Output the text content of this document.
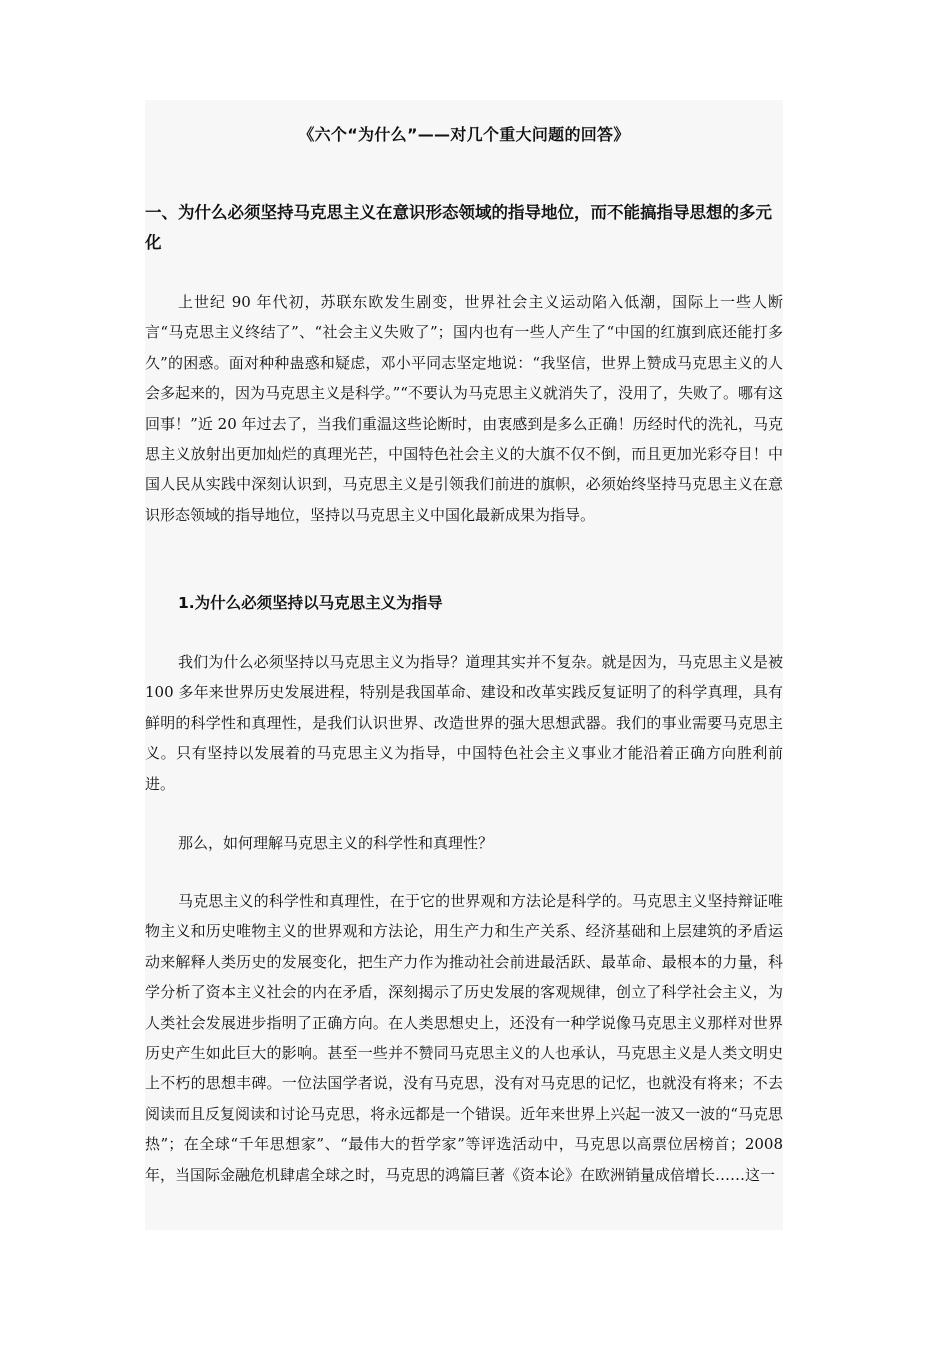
《六个“为什么”——对几个重大问题的回答》
一、为什么必须坚持马克思主义在意识形态领域的指导地位，而不能搞指导思想的多元化

上世纪 90 年代初，苏联东欧发生剧变，世界社会主义运动陷入低潮，国际上一些人断言“马克思主义终结了”、“社会主义失败了”；国内也有一些人产生了“中国的红旗到底还能打多久”的困惑。面对种种蛊惑和疑虑，邓小平同志坚定地说：“我坚信，世界上赞成马克思主义的人会多起来的，因为马克思主义是科学。”“不要认为马克思主义就消失了，没用了，失败了。哪有这回事！”近 20 年过去了，当我们重温这些论断时，由衷感到是多么正确！历经时代的洗礼，马克思主义放射出更加灿烂的真理光芒，中国特色社会主义的大旗不仅不倒，而且更加光彩夺目！中国人民从实践中深刻认识到，马克思主义是引领我们前进的旗帜，必须始终坚持马克思主义在意识形态领域的指导地位，坚持以马克思主义中国化最新成果为指导。

1.为什么必须坚持以马克思主义为指导

我们为什么必须坚持以马克思主义为指导？道理其实并不复杂。就是因为，马克思主义是被 100 多年来世界历史发展进程，特别是我国革命、建设和改革实践反复证明了的科学真理，具有鲜明的科学性和真理性，是我们认识世界、改造世界的强大思想武器。我们的事业需要马克思主义。只有坚持以发展着的马克思主义为指导，中国特色社会主义事业才能沿着正确方向胜利前进。

那么，如何理解马克思主义的科学性和真理性？

马克思主义的科学性和真理性，在于它的世界观和方法论是科学的。马克思主义坚持辩证唯物主义和历史唯物主义的世界观和方法论，用生产力和生产关系、经济基础和上层建筑的矛盾运动来解释人类历史的发展变化，把生产力作为推动社会前进最活跃、最革命、最根本的力量，科学分析了资本主义社会的内在矛盾，深刻揭示了历史发展的客观规律，创立了科学社会主义，为人类社会发展进步指明了正确方向。在人类思想史上，还没有一种学说像马克思主义那样对世界历史产生如此巨大的影响。甚至一些并不赞同马克思主义的人也承认，马克思主义是人类文明史上不朽的思想丰碑。一位法国学者说，没有马克思，没有对马克思的记忆，也就没有将来；不去阅读而且反复阅读和讨论马克思，将永远都是一个错误。近年来世界上兴起一波又一波的“马克思热”；在全球“千年思想家”、“最伟大的哲学家”等评选活动中，马克思以高票位居榜首；2008 年，当国际金融危机肆虐全球之时，马克思的鸿篇巨著《资本论》在欧洲销量成倍增长……这一
